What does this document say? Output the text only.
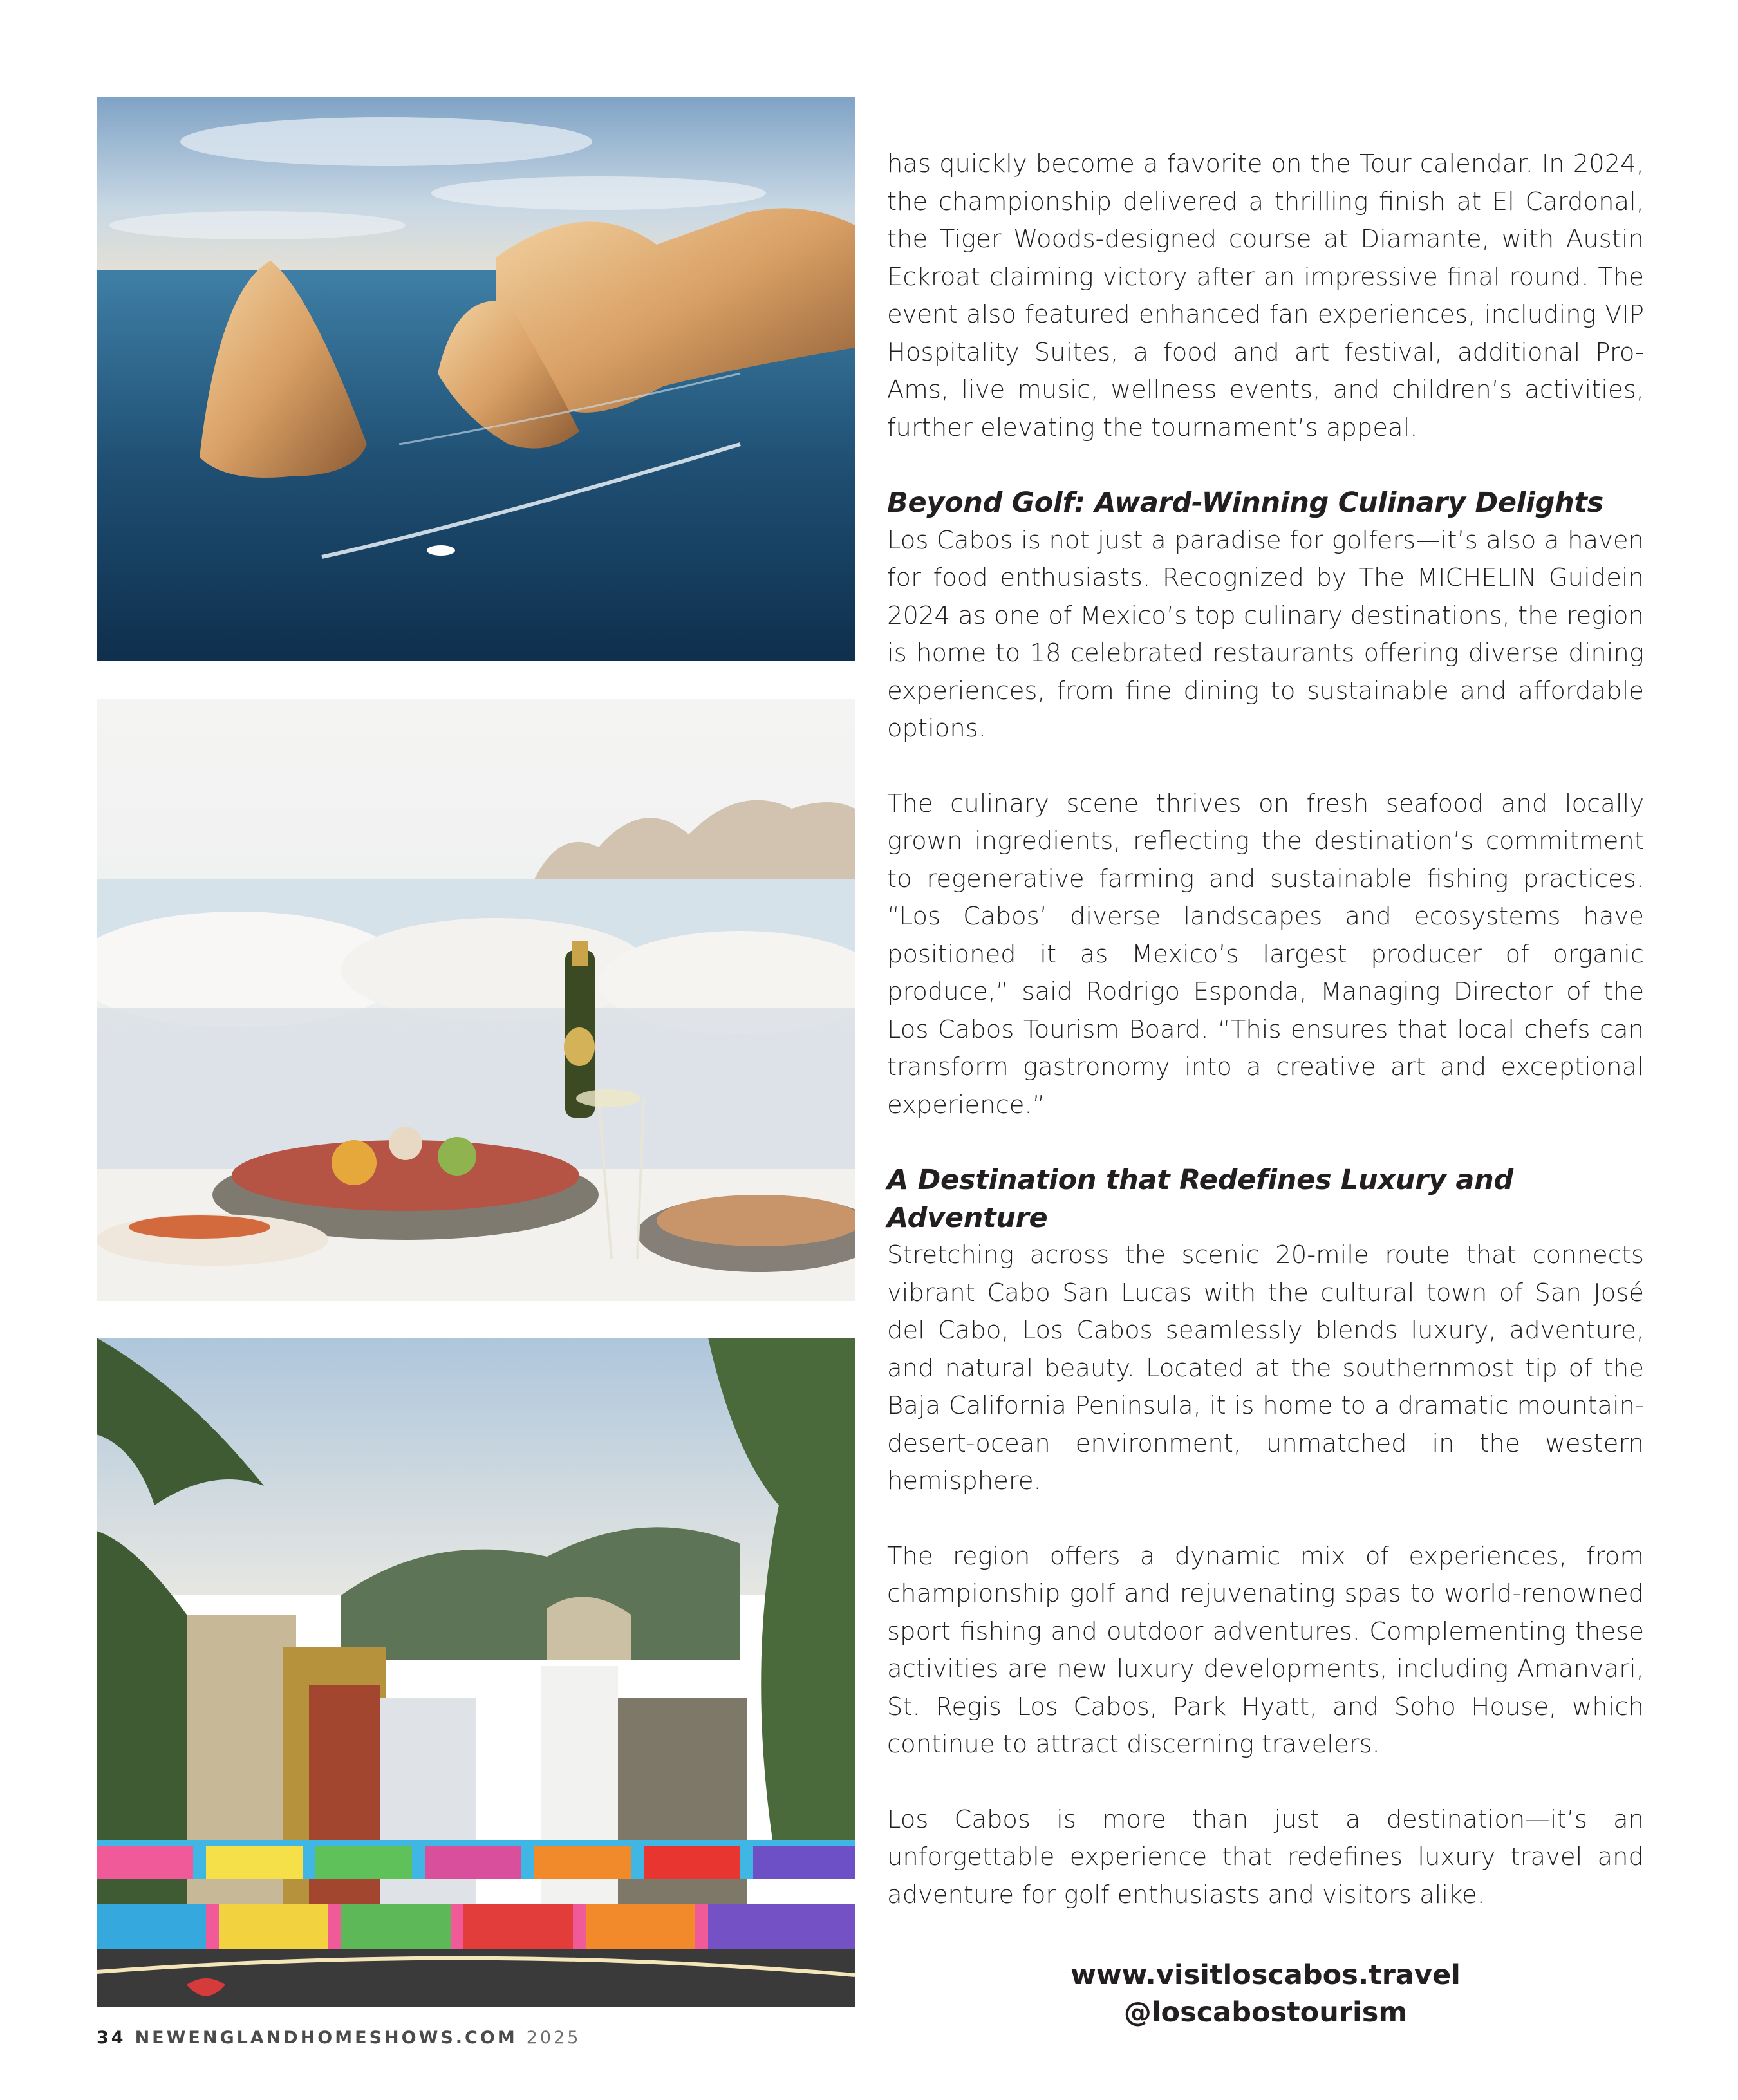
has quickly become a favorite on the Tour calendar. In 2024, the championship delivered a thrilling finish at El Cardonal, the Tiger Woods-designed course at Diamante, with Austin Eckroat claiming victory after an impressive final round. The event also featured enhanced fan experiences, including VIP Hospitality Suites, a food and art festival, additional Pro-Ams, live music, wellness events, and children’s activities, further elevating the tournament’s appeal.

Beyond Golf: Award-Winning Culinary Delights

Los Cabos is not just a paradise for golfers—it’s also a haven for food enthusiasts. Recognized by The MICHELIN Guidein 2024 as one of Mexico’s top culinary destinations, the region is home to 18 celebrated restaurants offering diverse dining experiences, from fine dining to sustainable and affordable options.

The culinary scene thrives on fresh seafood and locally grown ingredients, reflecting the destination’s commitment to regenerative farming and sustainable fishing practices. “Los Cabos’ diverse landscapes and ecosystems have positioned it as Mexico’s largest producer of organic produce,” said Rodrigo Esponda, Managing Director of the Los Cabos Tourism Board. “This ensures that local chefs can transform gastronomy into a creative art and exceptional experience.”

A Destination that Redefines Luxury and Adventure

Stretching across the scenic 20-mile route that connects vibrant Cabo San Lucas with the cultural town of San José del Cabo, Los Cabos seamlessly blends luxury, adventure, and natural beauty. Located at the southernmost tip of the Baja California Peninsula, it is home to a dramatic mountain-desert-ocean environment, unmatched in the western hemisphere.

The region offers a dynamic mix of experiences, from championship golf and rejuvenating spas to world-renowned sport fishing and outdoor adventures. Complementing these activities are new luxury developments, including Amanvari, St. Regis Los Cabos, Park Hyatt, and Soho House, which continue to attract discerning travelers.

Los Cabos is more than just a destination—it’s an unforgettable experience that redefines luxury travel and adventure for golf enthusiasts and visitors alike.

www.visitloscabos.travel
@loscabostourism
34 NEWENGLANDHOMESHOWS.COM 2025
